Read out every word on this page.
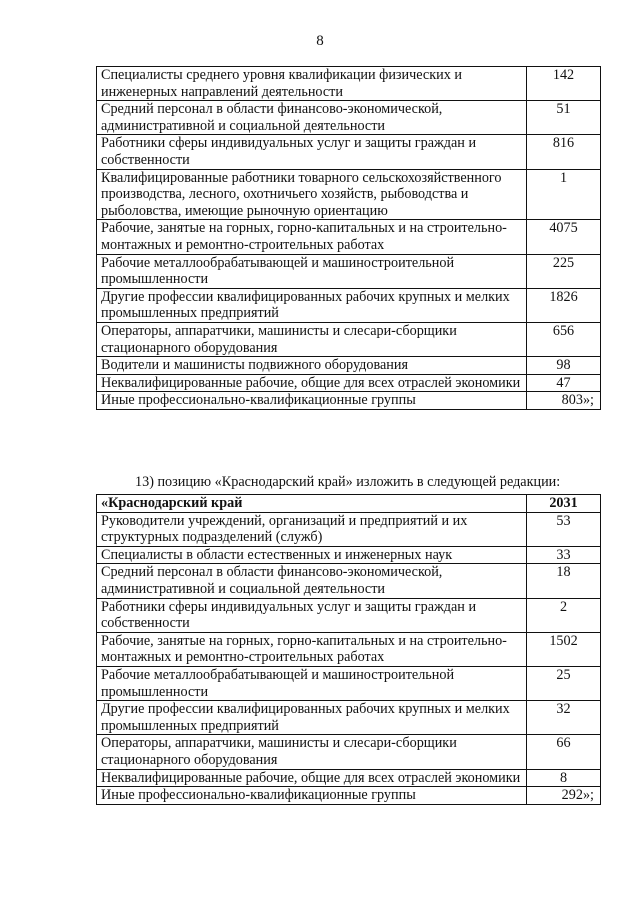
8
Специалисты среднего уровня квалификации физических и инженерных направлений деятельности	142
Средний персонал в области финансово-экономической, административной и социальной деятельности	51
Работники сферы индивидуальных услуг и защиты граждан и собственности	816
Квалифицированные работники товарного сельскохозяйственного производства, лесного, охотничьего хозяйств, рыбоводства и рыболовства, имеющие рыночную ориентацию	1
Рабочие, занятые на горных, горно-капитальных и на строительно-монтажных и ремонтно-строительных работах	4075
Рабочие металлообрабатывающей и машиностроительной промышленности	225
Другие профессии квалифицированных рабочих крупных и мелких промышленных предприятий	1826
Операторы, аппаратчики, машинисты и слесари-сборщики стационарного оборудования	656
Водители и машинисты подвижного оборудования	98
Неквалифицированные рабочие, общие для всех отраслей экономики	47
Иные профессионально-квалификационные группы	803»;
13) позицию «Краснодарский край» изложить в следующей редакции:
«Краснодарский край	2031
Руководители учреждений, организаций и предприятий и их структурных подразделений (служб)	53
Специалисты в области естественных и инженерных наук	33
Средний персонал в области финансово-экономической, административной и социальной деятельности	18
Работники сферы индивидуальных услуг и защиты граждан и собственности	2
Рабочие, занятые на горных, горно-капитальных и на строительно-монтажных и ремонтно-строительных работах	1502
Рабочие металлообрабатывающей и машиностроительной промышленности	25
Другие профессии квалифицированных рабочих крупных и мелких промышленных предприятий	32
Операторы, аппаратчики, машинисты и слесари-сборщики стационарного оборудования	66
Неквалифицированные рабочие, общие для всех отраслей экономики	8
Иные профессионально-квалификационные группы	292»;
